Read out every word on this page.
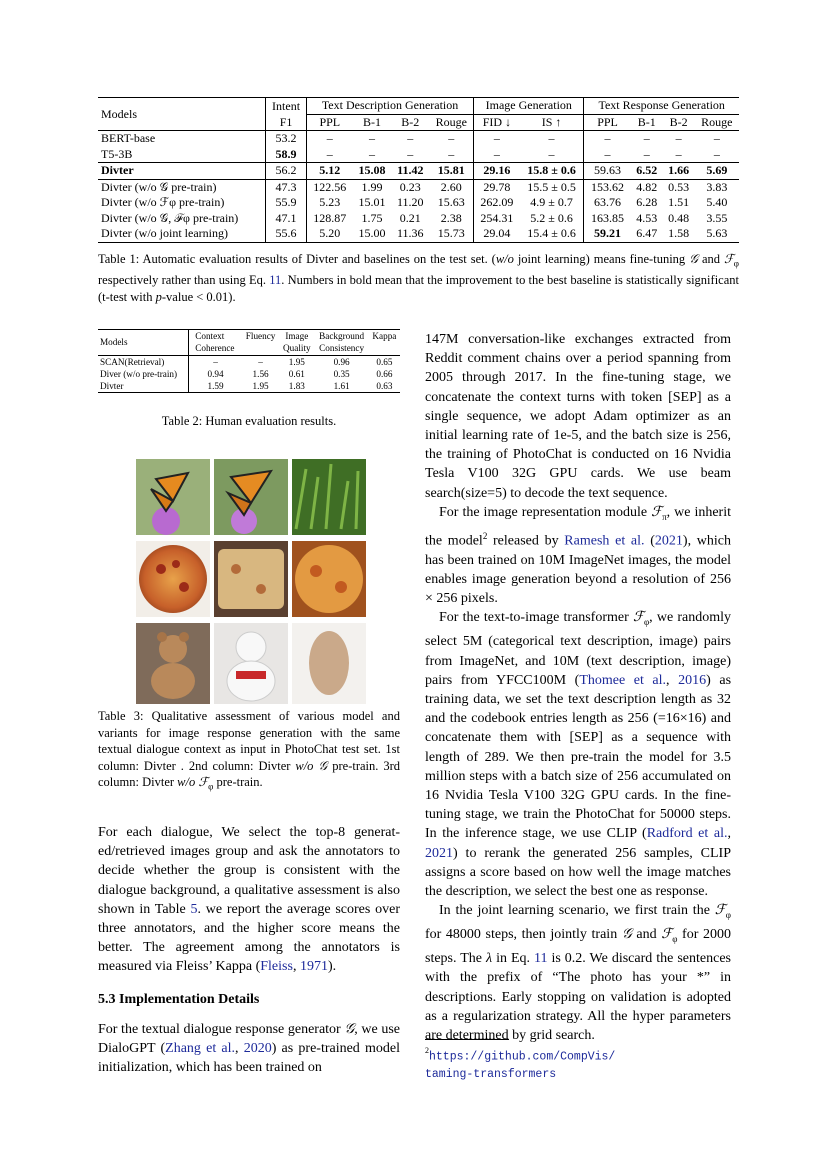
Models	Intent	Text Description Generation				Image Generation		Text Response Generation			
	F1	PPL	B-1	B-2	Rouge	FID ↓	IS ↑	PPL	B-1	B-2	Rouge
BERT-base	53.2	–	–	–	–	–	–	–	–	–	–
T5-3B	58.9	–	–	–	–	–	–	–	–	–	–
Divter	56.2	5.12	15.08	11.42	15.81	29.16	15.8 ± 0.6	59.63	6.52	1.66	5.69
Divter (w/o 𝒢 pre-train)	47.3	122.56	1.99	0.23	2.60	29.78	15.5 ± 0.5	153.62	4.82	0.53	3.83
Divter (w/o ℱφ pre-train)	55.9	5.23	15.01	11.20	15.63	262.09	4.9 ± 0.7	63.76	6.28	1.51	5.40
Divter (w/o 𝒢, ℱφ pre-train)	47.1	128.87	1.75	0.21	2.38	254.31	5.2 ± 0.6	163.85	4.53	0.48	3.55
Divter (w/o joint learning)	55.6	5.20	15.00	11.36	15.73	29.04	15.4 ± 0.6	59.21	6.47	1.58	5.63
Table 1: Automatic evaluation results of Divter and baselines on the test set. (w/o joint learning) means fine-tuning 𝒢 and ℱ$_\varphi$ respectively rather than using Eq. 11. Numbers in bold mean that the improvement to the best baseline is statistically significant (t-test with p-value < 0.01).
Models	Context	Fluency	Image	Background	Kappa
	Coherence		Quality	Consistency	
SCAN(Retrieval)	–	–	1.95	0.96	0.65
Diver (w/o pre-train)	0.94	1.56	0.61	0.35	0.66
Divter	1.59	1.95	1.83	1.61	0.63
Table 2: Human evaluation results.
Table 3: Qualitative assessment of various model and variants for image response generation with the same textual dialogue context as input in PhotoChat test set. 1st column: Divter . 2nd column: Divter w/o 𝒢 pre-train. 3rd column: Divter w/o ℱ$_\varphi$ pre-train.

For each dialogue, We select the top-8 generat-ed/retrieved images group and ask the annotators to decide whether the group is consistent with the dialogue background, a qualitative assessment is also shown in Table 5. we report the average scores over three annotators, and the higher score means the better. The agreement among the annotators is measured via Fleiss’ Kappa (Fleiss, 1971).

5.3 Implementation Details

For the textual dialogue response generator 𝒢, we use DialoGPT (Zhang et al., 2020) as pre-trained model initialization, which has been trained on

147M conversation-like exchanges extracted from Reddit comment chains over a period spanning from 2005 through 2017. In the fine-tuning stage, we concatenate the context turns with token [SEP] as a single sequence, we adopt Adam optimizer as an initial learning rate of 1e-5, and the batch size is 256, the training of PhotoChat is conducted on 16 Nvidia Tesla V100 32G GPU cards. We use beam search(size=5) to decode the text sequence.

For the image representation module ℱ$_\pi$, we inherit the model$^2$ released by Ramesh et al. (2021), which has been trained on 10M ImageNet images, the model enables image generation beyond a resolution of 256 × 256 pixels.

For the text-to-image transformer ℱ$_\varphi$, we randomly select 5M (categorical text description, image) pairs from ImageNet, and 10M (text description, image) pairs from YFCC100M (Thomee et al., 2016) as training data, we set the text description length as 32 and the codebook entries length as 256 (=16×16) and concatenate them with [SEP] as a sequence with length of 289. We then pre-train the model for 3.5 million steps with a batch size of 256 accumulated on 16 Nvidia Tesla V100 32G GPU cards. In the fine-tuning stage, we train the PhotoChat for 50000 steps. In the inference stage, we use CLIP (Radford et al., 2021) to rerank the generated 256 samples, CLIP assigns a score based on how well the image matches the description, we select the best one as response.

In the joint learning scenario, we first train the ℱ$_\varphi$ for 48000 steps, then jointly train 𝒢 and ℱ$_\varphi$ for 2000 steps. The λ in Eq. 11 is 0.2. We discard the sentences with the prefix of “The photo has your *” in descriptions. Early stopping on validation is adopted as a regularization strategy. All the hyper parameters are determined by grid search.

$^2$https://github.com/CompVis/
taming-transformers
